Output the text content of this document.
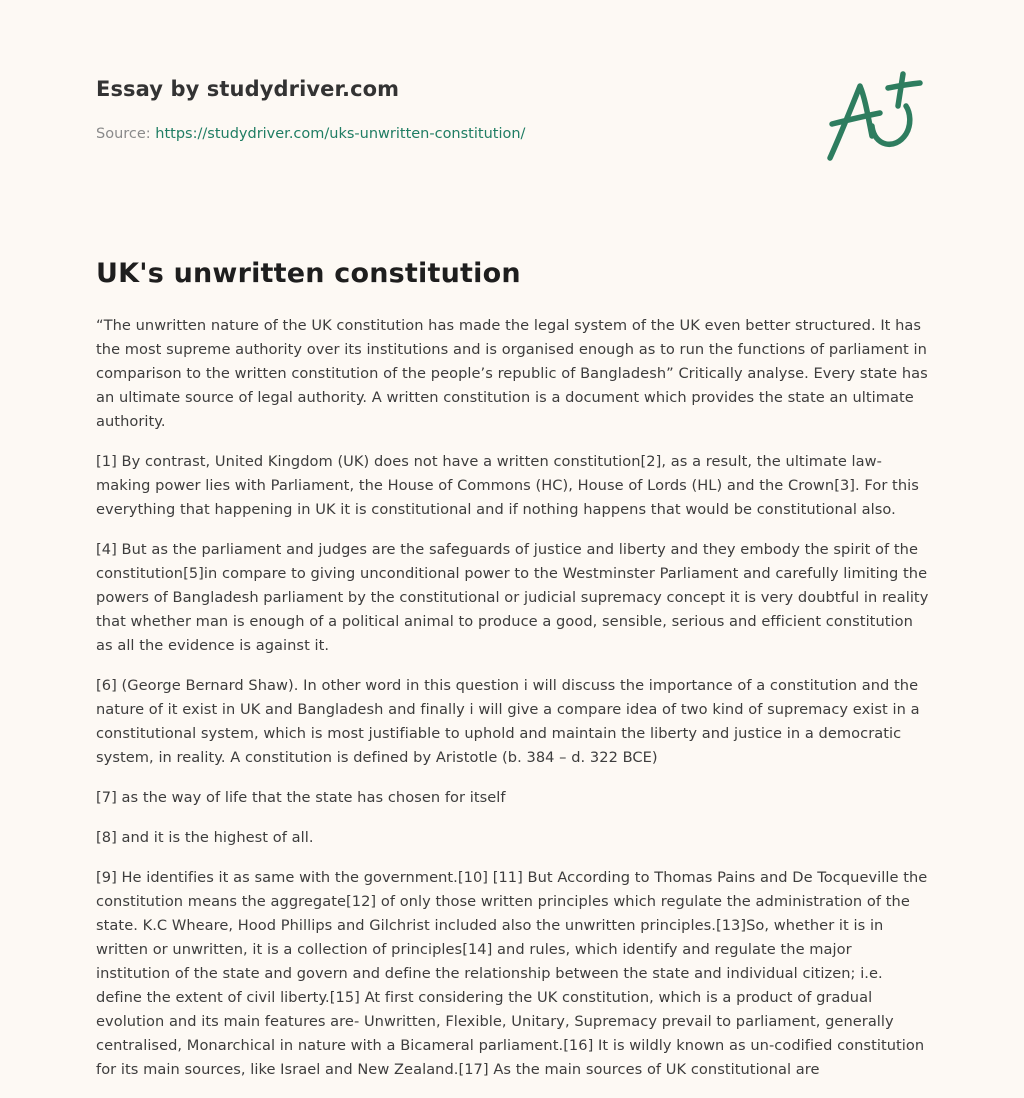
Essay by studydriver.com
Source: https://studydriver.com/uks-unwritten-constitution/
UK's unwritten constitution

“The unwritten nature of the UK constitution has made the legal system of the UK even better structured. It has the most supreme authority over its institutions and is organised enough as to run the functions of parliament in comparison to the written constitution of the people’s republic of Bangladesh” Critically analyse. Every state has an ultimate source of legal authority. A written constitution is a document which provides the state an ultimate authority.

[1] By contrast, United Kingdom (UK) does not have a written constitution[2], as a result, the ultimate law-making power lies with Parliament, the House of Commons (HC), House of Lords (HL) and the Crown[3]. For this everything that happening in UK it is constitutional and if nothing happens that would be constitutional also.

[4] But as the parliament and judges are the safeguards of justice and liberty and they embody the spirit of the constitution[5]in compare to giving unconditional power to the Westminster Parliament and carefully limiting the powers of Bangladesh parliament by the constitutional or judicial supremacy concept it is very doubtful in reality that whether man is enough of a political animal to produce a good, sensible, serious and efficient constitution as all the evidence is against it.

[6] (George Bernard Shaw). In other word in this question i will discuss the importance of a constitution and the nature of it exist in UK and Bangladesh and finally i will give a compare idea of two kind of supremacy exist in a constitutional system, which is most justifiable to uphold and maintain the liberty and justice in a democratic system, in reality. A constitution is defined by Aristotle (b. 384 – d. 322 BCE)

[7] as the way of life that the state has chosen for itself

[8] and it is the highest of all.

[9] He identifies it as same with the government.[10] [11] But According to Thomas Pains and De Tocqueville the constitution means the aggregate[12] of only those written principles which regulate the administration of the state. K.C Wheare, Hood Phillips and Gilchrist included also the unwritten principles.[13]So, whether it is in written or unwritten, it is a collection of principles[14] and rules, which identify and regulate the major institution of the state and govern and define the relationship between the state and individual citizen; i.e. define the extent of civil liberty.[15] At first considering the UK constitution, which is a product of gradual evolution and its main features are- Unwritten, Flexible, Unitary, Supremacy prevail to parliament, generally centralised, Monarchical in nature with a Bicameral parliament.[16] It is wildly known as un-codified constitution for its main sources, like Israel and New Zealand.[17] As the main sources of UK constitutional are
